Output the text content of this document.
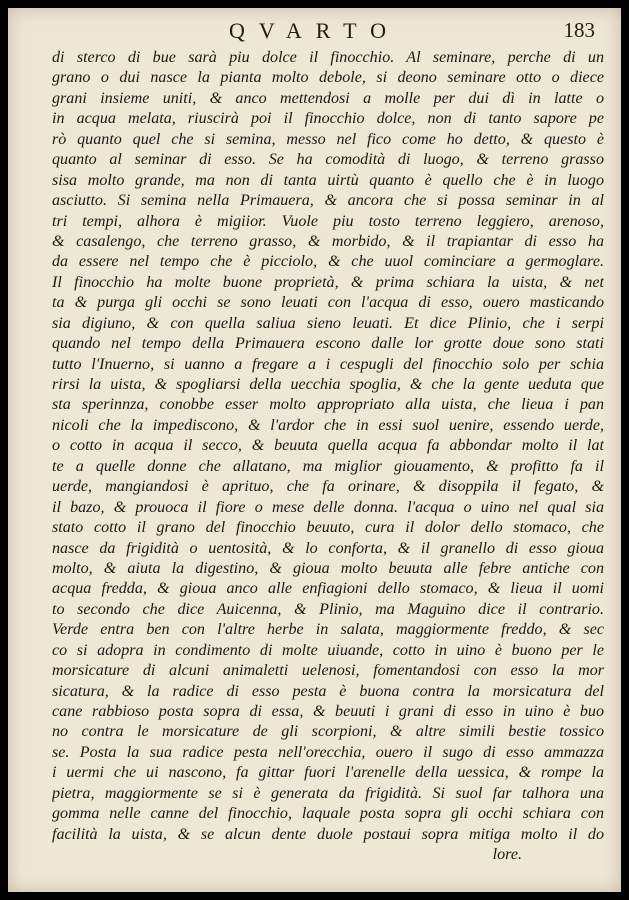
QVARTO	183
di sterco di bue sarà piu dolce il finocchio. Al seminare, perche di un
grano o dui nasce la pianta molto debole, si deono seminare otto o diece
grani insieme uniti, & anco mettendosi a molle per dui dì in latte o
in acqua melata, riuscirà poi il finocchio dolce, non di tanto sapore pe
rò quanto quel che si semina, messo nel fico come ho detto, & questo è
quanto al seminar di esso. Se ha comodità di luogo, & terreno grasso
sisa molto grande, ma non di tanta uirtù quanto è quello che è in luogo
asciutto. Si semina nella Primauera, & ancora che si possa seminar in al
tri tempi, alhora è migiior. Vuole piu tosto terreno leggiero, arenoso,
& casalengo, che terreno grasso, & morbido, & il trapiantar di esso ha
da essere nel tempo che è picciolo, & che uuol cominciare a germoglare.
Il finocchio ha molte buone proprietà, & prima schiara la uista, & net
ta & purga gli occhi se sono leuati con l'acqua di esso, ouero masticando
sia digiuno, & con quella saliua sieno leuati. Et dice Plinio, che i serpi
quando nel tempo della Primauera escono dalle lor grotte doue sono stati
tutto l'Inuerno, si uanno a fregare a i cespugli del finocchio solo per schia
rirsi la uista, & spogliarsi della uecchia spoglia, & che la gente ueduta que
sta sperinnza, conobbe esser molto appropriato alla uista, che lieua i pan
nicoli che la impediscono, & l'ardor che in essi suol uenire, essendo uerde,
o cotto in acqua il secco, & beuuta quella acqua fa abbondar molto il lat
te a quelle donne che allatano, ma miglior giouamento, & profitto fa il
uerde, mangiandosi è aprituo, che fa orinare, & disoppila il fegato, &
il bazo, & prouoca il fiore o mese delle donna. l'acqua o uino nel qual sia
stato cotto il grano del finocchio beuuto, cura il dolor dello stomaco, che
nasce da frigidità o uentosità, & lo conforta, & il granello di esso gioua
molto, & aiuta la digestino, & gioua molto beuuta alle febre antiche con
acqua fredda, & gioua anco alle enfiagioni dello stomaco, & lieua il uomi
to secondo che dice Auicenna, & Plinio, ma Maguino dice il contrario.
Verde entra ben con l'altre herbe in salata, maggiormente freddo, & sec
co si adopra in condimento di molte uiuande, cotto in uino è buono per le
morsicature di alcuni animaletti uelenosi, fomentandosi con esso la mor
sicatura, & la radice di esso pesta è buona contra la morsicatura del
cane rabbioso posta sopra di essa, & beuuti i grani di esso in uino è buo
no contra le morsicature de gli scorpioni, & altre simili bestie tossico
se. Posta la sua radice pesta nell'orecchia, ouero il sugo di esso ammazza
i uermi che ui nascono, fa gittar fuori l'arenelle della uessica, & rompe la
pietra, maggiormente se si è generata da frigidità. Si suol far talhora una
gomma nelle canne del finocchio, laquale posta sopra gli occhi schiara con
facilità la uista, & se alcun dente duole postaui sopra mitiga molto il do
lore.
